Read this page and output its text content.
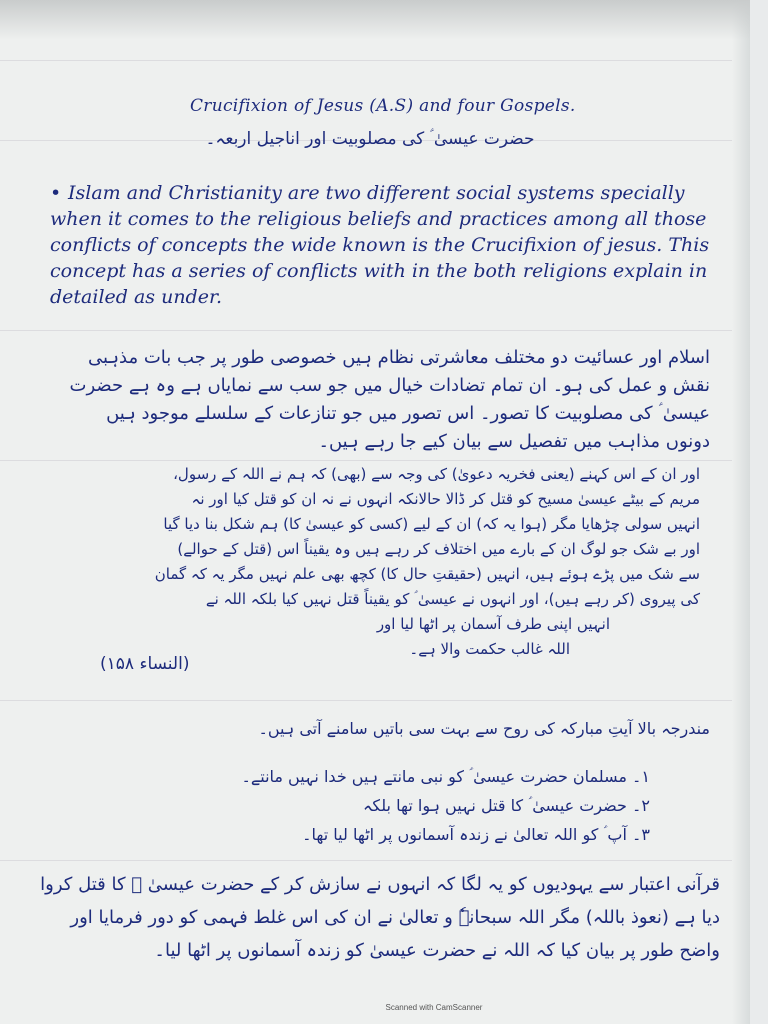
Crucifixion of Jesus (A.S) and four Gospels.
حضرت عیسیٰ ؑ کی مصلوبیت اور اناجیل اربعہ۔
• Islam and Christianity are two different social systems specially when it comes to the religious beliefs and practices among all those conflicts of concepts the wide known is the Crucifixion of jesus. This concept has a series of conflicts with in the both religions explain in detailed as under.
اسلام اور عسائیت دو مختلف معاشرتی نظام ہیں خصوصی طور پر جب بات مذہبی نقش و عمل کی ہو۔ ان تمام تضادات خیال میں جو سب سے نمایاں ہے وہ ہے حضرت عیسیٰ ؑ کی مصلوبیت کا تصور۔ اس تصور میں جو تنازعات کے سلسلے موجود ہیں دونوں مذاہب میں تفصیل سے بیان کیے جا رہے ہیں۔
اور ان کے اس کہنے (یعنی فخریہ دعویٰ) کی وجہ سے (بھی) کہ ہم نے اللہ کے رسول،
مریم کے بیٹے عیسیٰ مسیح کو قتل کر ڈالا حالانکہ انہوں نے نہ ان کو قتل کیا اور نہ
انہیں سولی چڑھایا مگر (ہوا یہ کہ) ان کے لیے (کسی کو عیسیٰ کا) ہم شکل بنا دیا گیا
اور بے شک جو لوگ ان کے بارے میں اختلاف کر رہے ہیں وہ یقیناً اس (قتل کے حوالے)
سے شک میں پڑے ہوئے ہیں، انہیں (حقیقتِ حال کا) کچھ بھی علم نہیں مگر یہ کہ گمان
کی پیروی (کر رہے ہیں)، اور انہوں نے عیسیٰ ؑ کو یقیناً قتل نہیں کیا بلکہ اللہ نے
انہیں اپنی طرف آسمان پر اٹھا لیا اور
اللہ غالب حکمت والا ہے۔
(النساء ۱۵۸)
مندرجہ بالا آیتِ مبارکہ کی روح سے بہت سی باتیں سامنے آتی ہیں۔
۱۔ مسلمان حضرت عیسیٰ ؑ کو نبی مانتے ہیں خدا نہیں مانتے۔
۲۔ حضرت عیسیٰ ؑ کا قتل نہیں ہوا تھا بلکہ
۳۔ آپ ؑ کو اللہ تعالیٰ نے زندہ آسمانوں پر اٹھا لیا تھا۔
قرآنی اعتبار سے یہودیوں کو یہ لگا کہ انہوں نے سازش کر کے حضرت عیسیٰ ؑ کا قتل کروا دیا ہے (نعوذ باللہ) مگر اللہ سبحانہٗ و تعالیٰ نے ان کی اس غلط فہمی کو دور فرمایا اور واضح طور پر بیان کیا کہ اللہ نے حضرت عیسیٰ کو زندہ آسمانوں پر اٹھا لیا۔
Scanned with CamScanner
